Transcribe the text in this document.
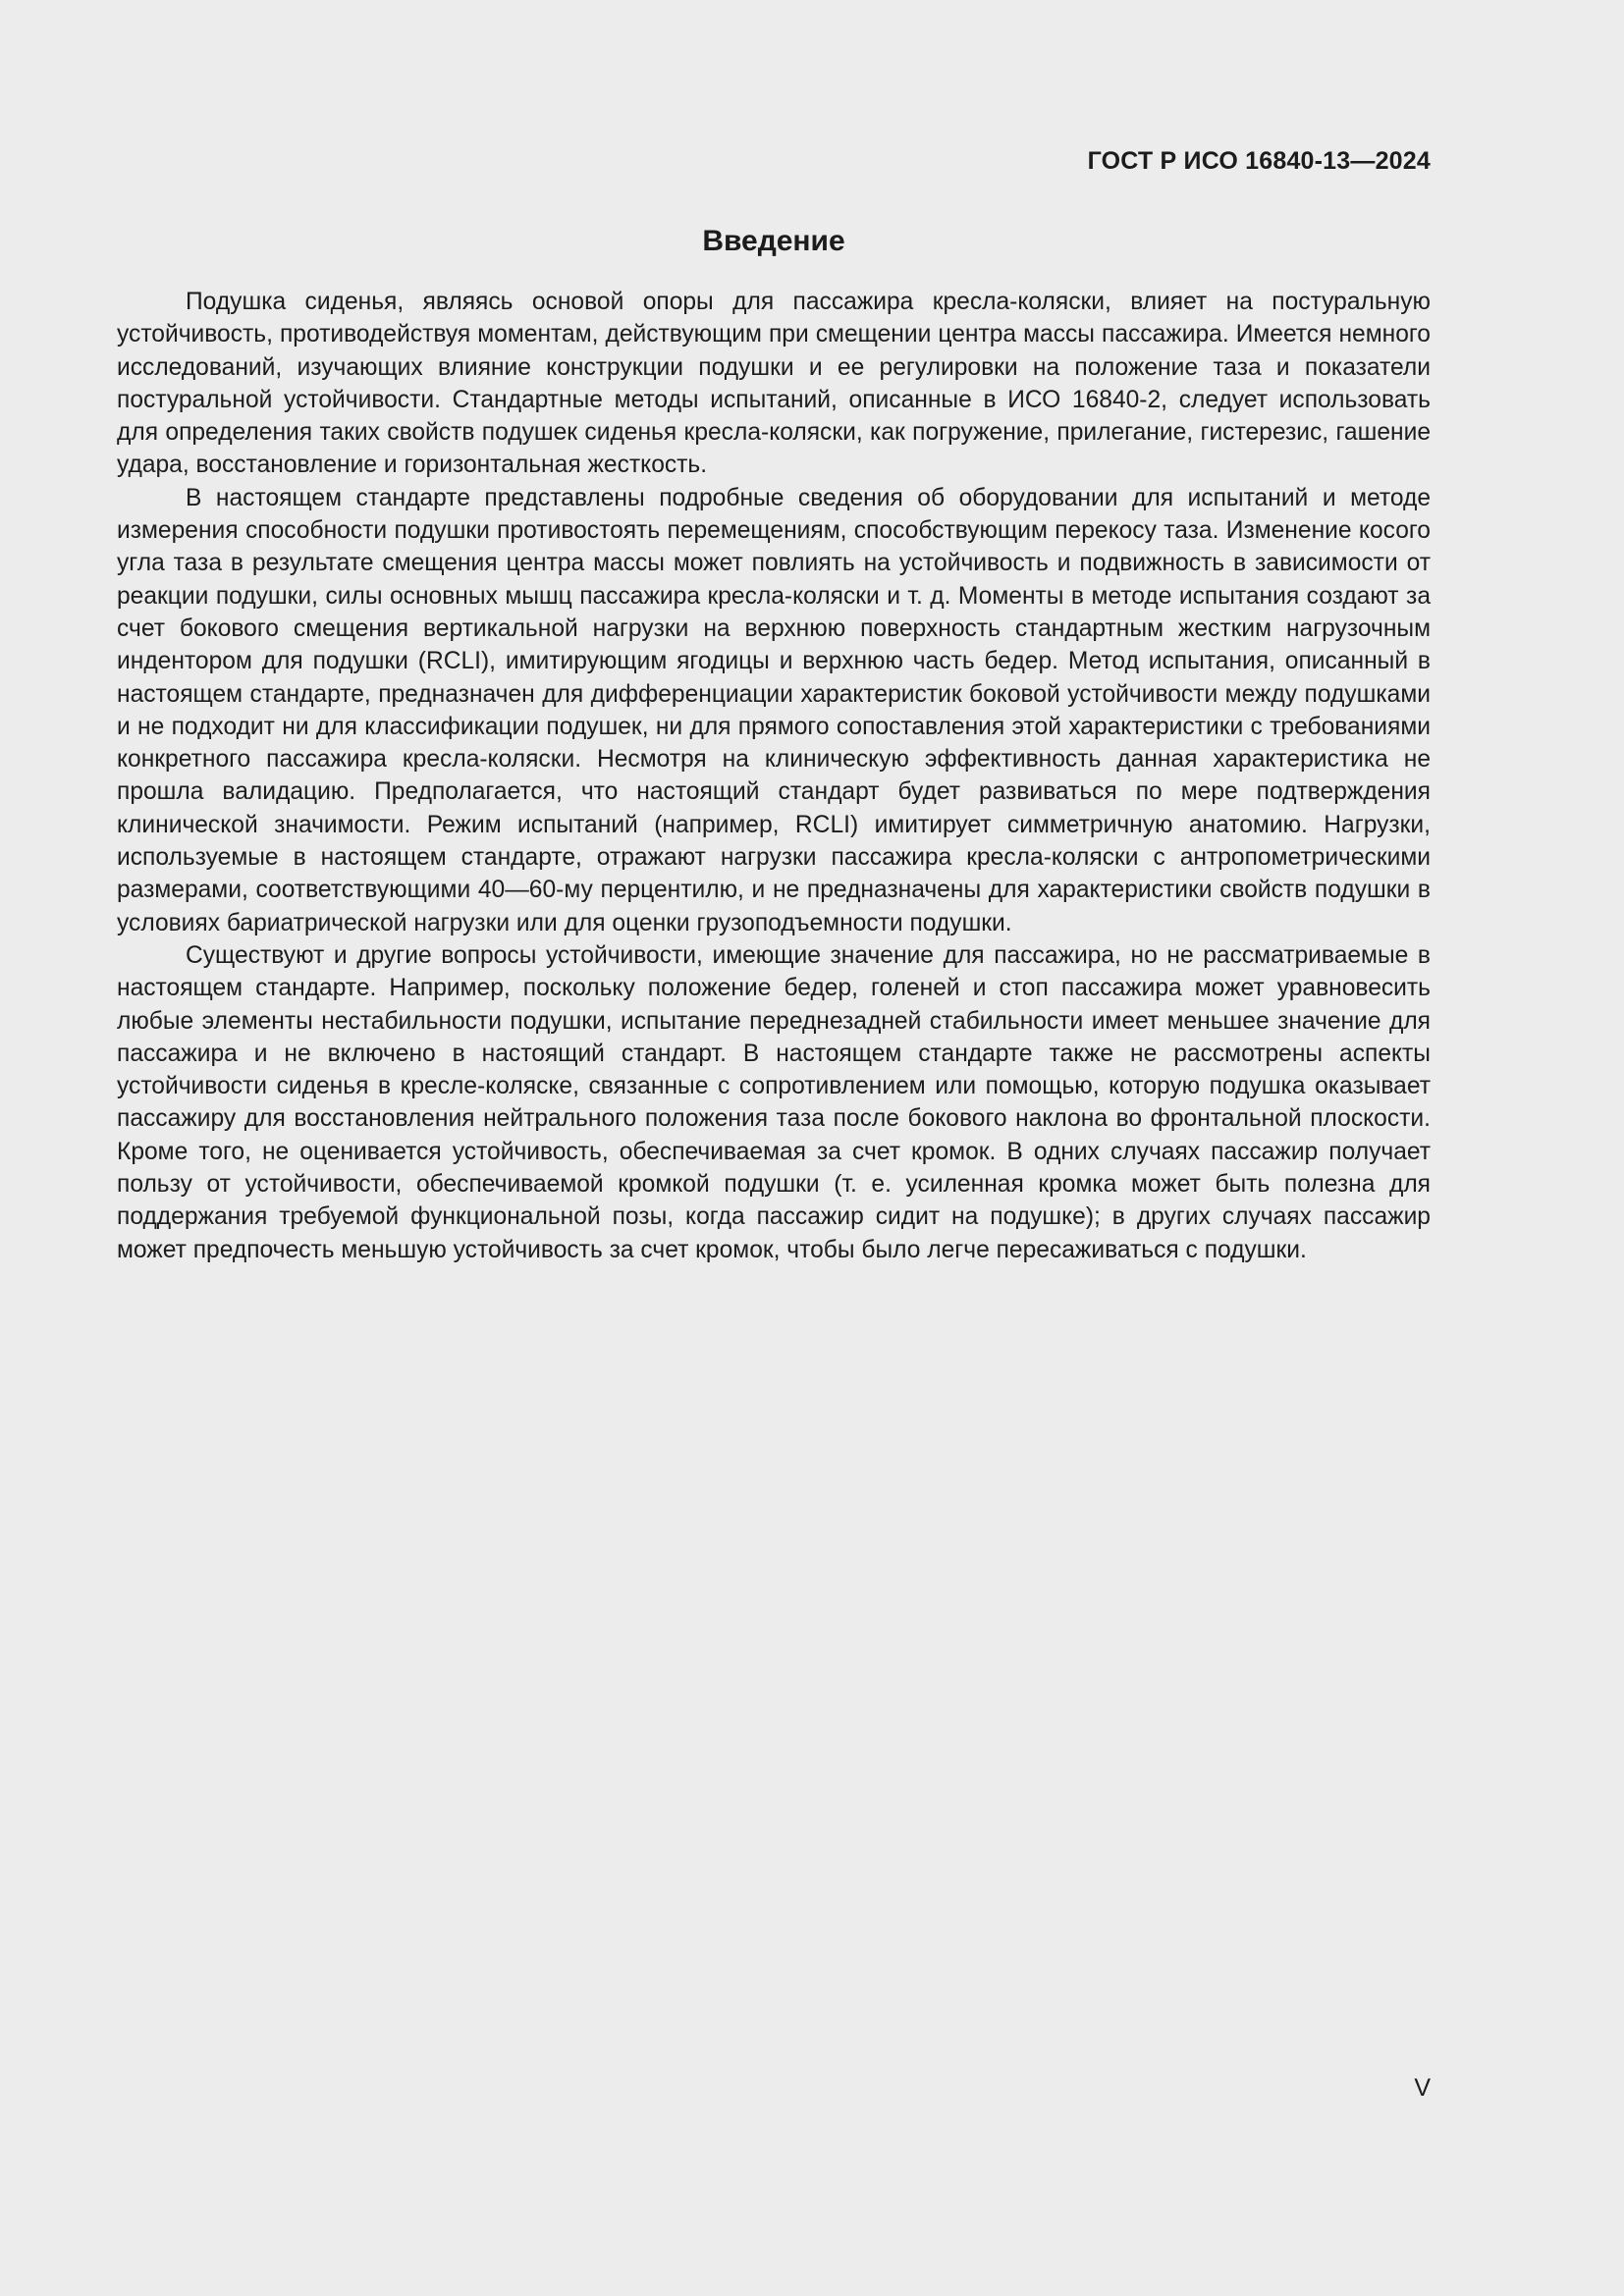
ГОСТ Р ИСО 16840-13—2024
Введение

Подушка сиденья, являясь основой опоры для пассажира кресла-коляски, влияет на постуральную устойчивость, противодействуя моментам, действующим при смещении центра массы пассажира. Имеется немного исследований, изучающих влияние конструкции подушки и ее регулировки на положение таза и показатели постуральной устойчивости. Стандартные методы испытаний, описанные в ИСО 16840-2, следует использовать для определения таких свойств подушек сиденья кресла-коляски, как погружение, прилегание, гистерезис, гашение удара, восстановление и горизонтальная жесткость.

В настоящем стандарте представлены подробные сведения об оборудовании для испытаний и методе измерения способности подушки противостоять перемещениям, способствующим перекосу таза. Изменение косого угла таза в результате смещения центра массы может повлиять на устойчивость и подвижность в зависимости от реакции подушки, силы основных мышц пассажира кресла-коляски и т. д. Моменты в методе испытания создают за счет бокового смещения вертикальной нагрузки на верхнюю поверхность стандартным жестким нагрузочным индентором для подушки (RCLI), имитирующим ягодицы и верхнюю часть бедер. Метод испытания, описанный в настоящем стандарте, предназначен для дифференциации характеристик боковой устойчивости между подушками и не подходит ни для классификации подушек, ни для прямого сопоставления этой характеристики с требованиями конкретного пассажира кресла-коляски. Несмотря на клиническую эффективность данная характеристика не прошла валидацию. Предполагается, что настоящий стандарт будет развиваться по мере подтверждения клинической значимости. Режим испытаний (например, RCLI) имитирует симметричную анатомию. Нагрузки, используемые в настоящем стандарте, отражают нагрузки пассажира кресла-коляски с антропометрическими размерами, соответствующими 40—60-му перцентилю, и не предназначены для характеристики свойств подушки в условиях бариатрической нагрузки или для оценки грузоподъемности подушки.

Существуют и другие вопросы устойчивости, имеющие значение для пассажира, но не рассматриваемые в настоящем стандарте. Например, поскольку положение бедер, голеней и стоп пассажира может уравновесить любые элементы нестабильности подушки, испытание переднезадней стабильности имеет меньшее значение для пассажира и не включено в настоящий стандарт. В настоящем стандарте также не рассмотрены аспекты устойчивости сиденья в кресле-коляске, связанные с сопротивлением или помощью, которую подушка оказывает пассажиру для восстановления нейтрального положения таза после бокового наклона во фронтальной плоскости. Кроме того, не оценивается устойчивость, обеспечиваемая за счет кромок. В одних случаях пассажир получает пользу от устойчивости, обеспечиваемой кромкой подушки (т. е. усиленная кромка может быть полезна для поддержания требуемой функциональной позы, когда пассажир сидит на подушке); в других случаях пассажир может предпочесть меньшую устойчивость за счет кромок, чтобы было легче пересаживаться с подушки.

V
